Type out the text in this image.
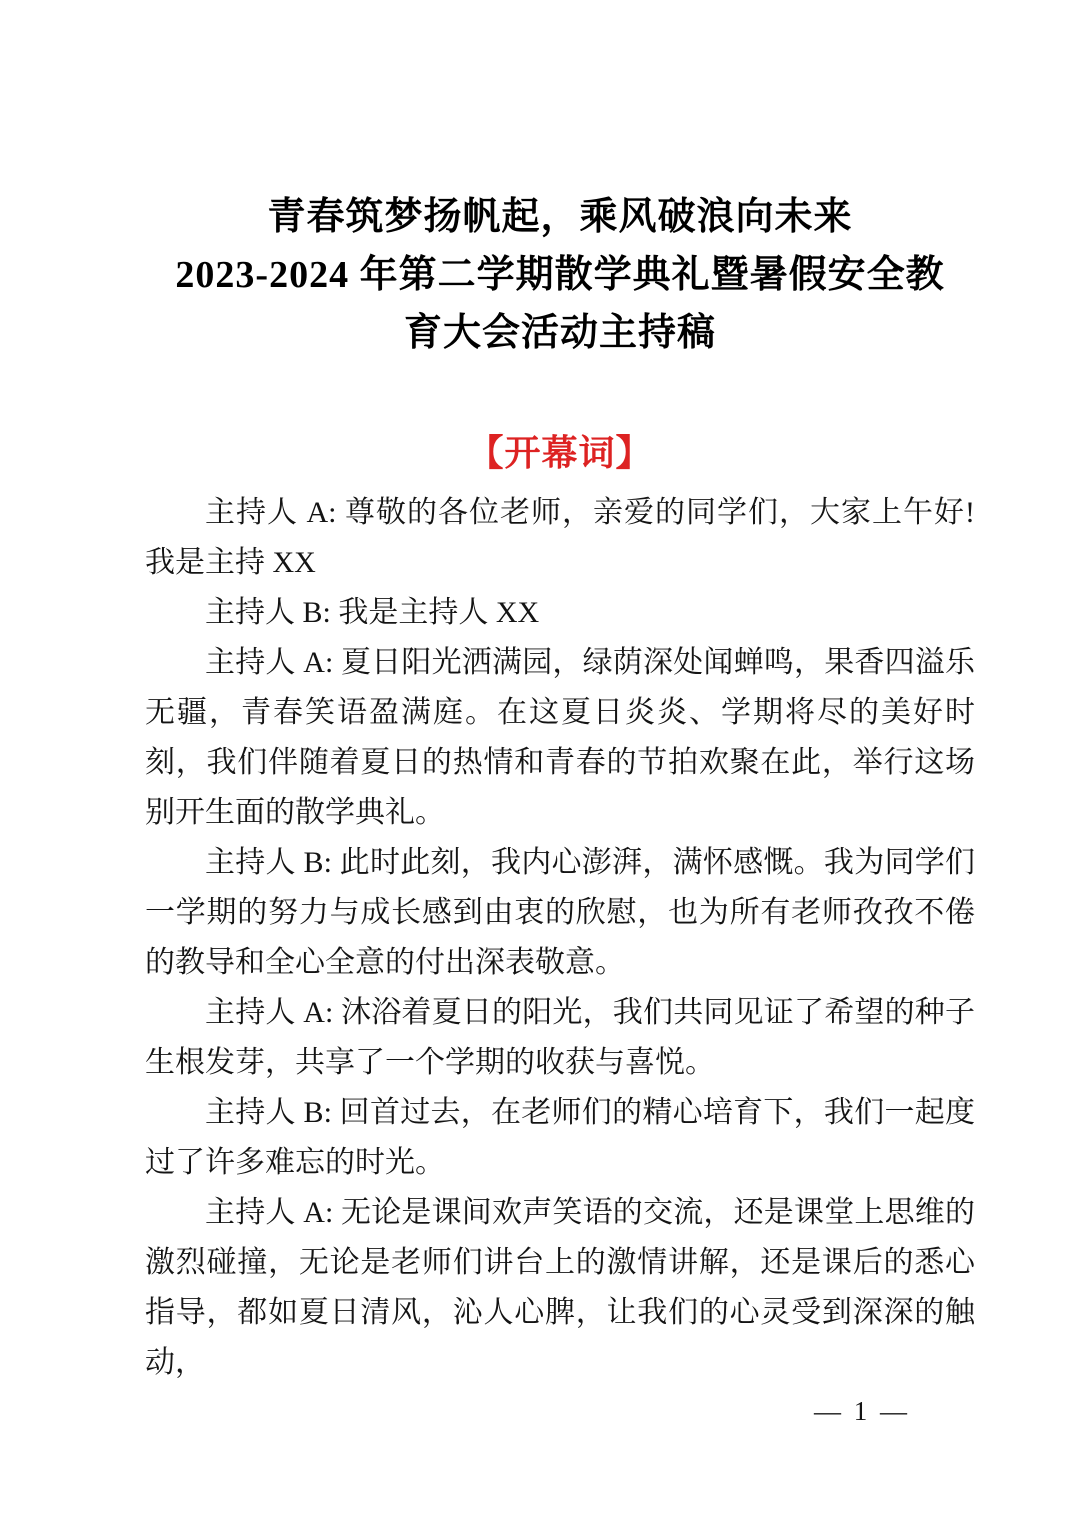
青春筑梦扬帆起，乘风破浪向未来
2023-2024 年第二学期散学典礼暨暑假安全教
育大会活动主持稿
【开幕词】

主持人 A: 尊敬的各位老师，亲爱的同学们，大家上午好! 我是主持 XX

主持人 B: 我是主持人 XX

主持人 A: 夏日阳光洒满园，绿荫深处闻蝉鸣，果香四溢乐无疆，青春笑语盈满庭。在这夏日炎炎、学期将尽的美好时刻，我们伴随着夏日的热情和青春的节拍欢聚在此，举行这场别开生面的散学典礼。

主持人 B: 此时此刻，我内心澎湃，满怀感慨。我为同学们一学期的努力与成长感到由衷的欣慰，也为所有老师孜孜不倦的教导和全心全意的付出深表敬意。

主持人 A: 沐浴着夏日的阳光，我们共同见证了希望的种子生根发芽，共享了一个学期的收获与喜悦。

主持人 B: 回首过去，在老师们的精心培育下，我们一起度过了许多难忘的时光。

主持人 A: 无论是课间欢声笑语的交流，还是课堂上思维的激烈碰撞，无论是老师们讲台上的激情讲解，还是课后的悉心指导，都如夏日清风，沁人心脾，让我们的心灵受到深深的触动，

— 1 —
